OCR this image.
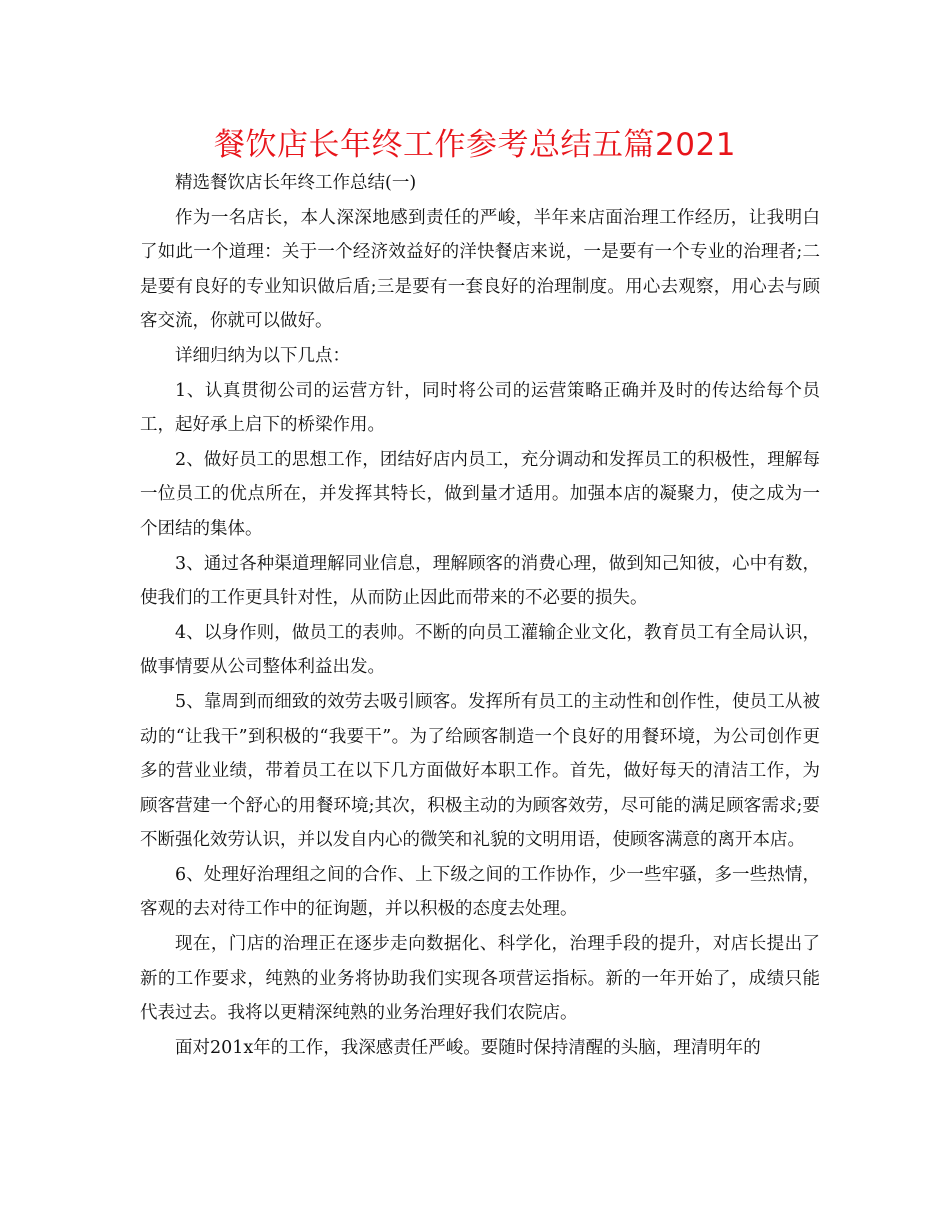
餐饮店长年终工作参考总结五篇2021

精选餐饮店长年终工作总结(一)

作为一名店长，本人深深地感到责任的严峻，半年来店面治理工作经历，让我明白了如此一个道理：关于一个经济效益好的洋快餐店来说，一是要有一个专业的治理者;二是要有良好的专业知识做后盾;三是要有一套良好的治理制度。用心去观察，用心去与顾客交流，你就可以做好。

详细归纳为以下几点：

1、认真贯彻公司的运营方针，同时将公司的运营策略正确并及时的传达给每个员工，起好承上启下的桥梁作用。

2、做好员工的思想工作，团结好店内员工，充分调动和发挥员工的积极性，理解每一位员工的优点所在，并发挥其特长，做到量才适用。加强本店的凝聚力，使之成为一个团结的集体。

3、通过各种渠道理解同业信息，理解顾客的消费心理，做到知己知彼，心中有数，使我们的工作更具针对性，从而防止因此而带来的不必要的损失。

4、以身作则，做员工的表帅。不断的向员工灌输企业文化，教育员工有全局认识，做事情要从公司整体利益出发。

5、靠周到而细致的效劳去吸引顾客。发挥所有员工的主动性和创作性，使员工从被动的“让我干”到积极的“我要干”。为了给顾客制造一个良好的用餐环境，为公司创作更多的营业业绩，带着员工在以下几方面做好本职工作。首先，做好每天的清洁工作，为顾客营建一个舒心的用餐环境;其次，积极主动的为顾客效劳，尽可能的满足顾客需求;要不断强化效劳认识，并以发自内心的微笑和礼貌的文明用语，使顾客满意的离开本店。

6、处理好治理组之间的合作、上下级之间的工作协作，少一些牢骚，多一些热情，客观的去对待工作中的征询题，并以积极的态度去处理。

现在，门店的治理正在逐步走向数据化、科学化，治理手段的提升，对店长提出了新的工作要求，纯熟的业务将协助我们实现各项营运指标。新的一年开始了，成绩只能代表过去。我将以更精深纯熟的业务治理好我们农院店。

面对201x年的工作，我深感责任严峻。要随时保持清醒的头脑，理清明年的
